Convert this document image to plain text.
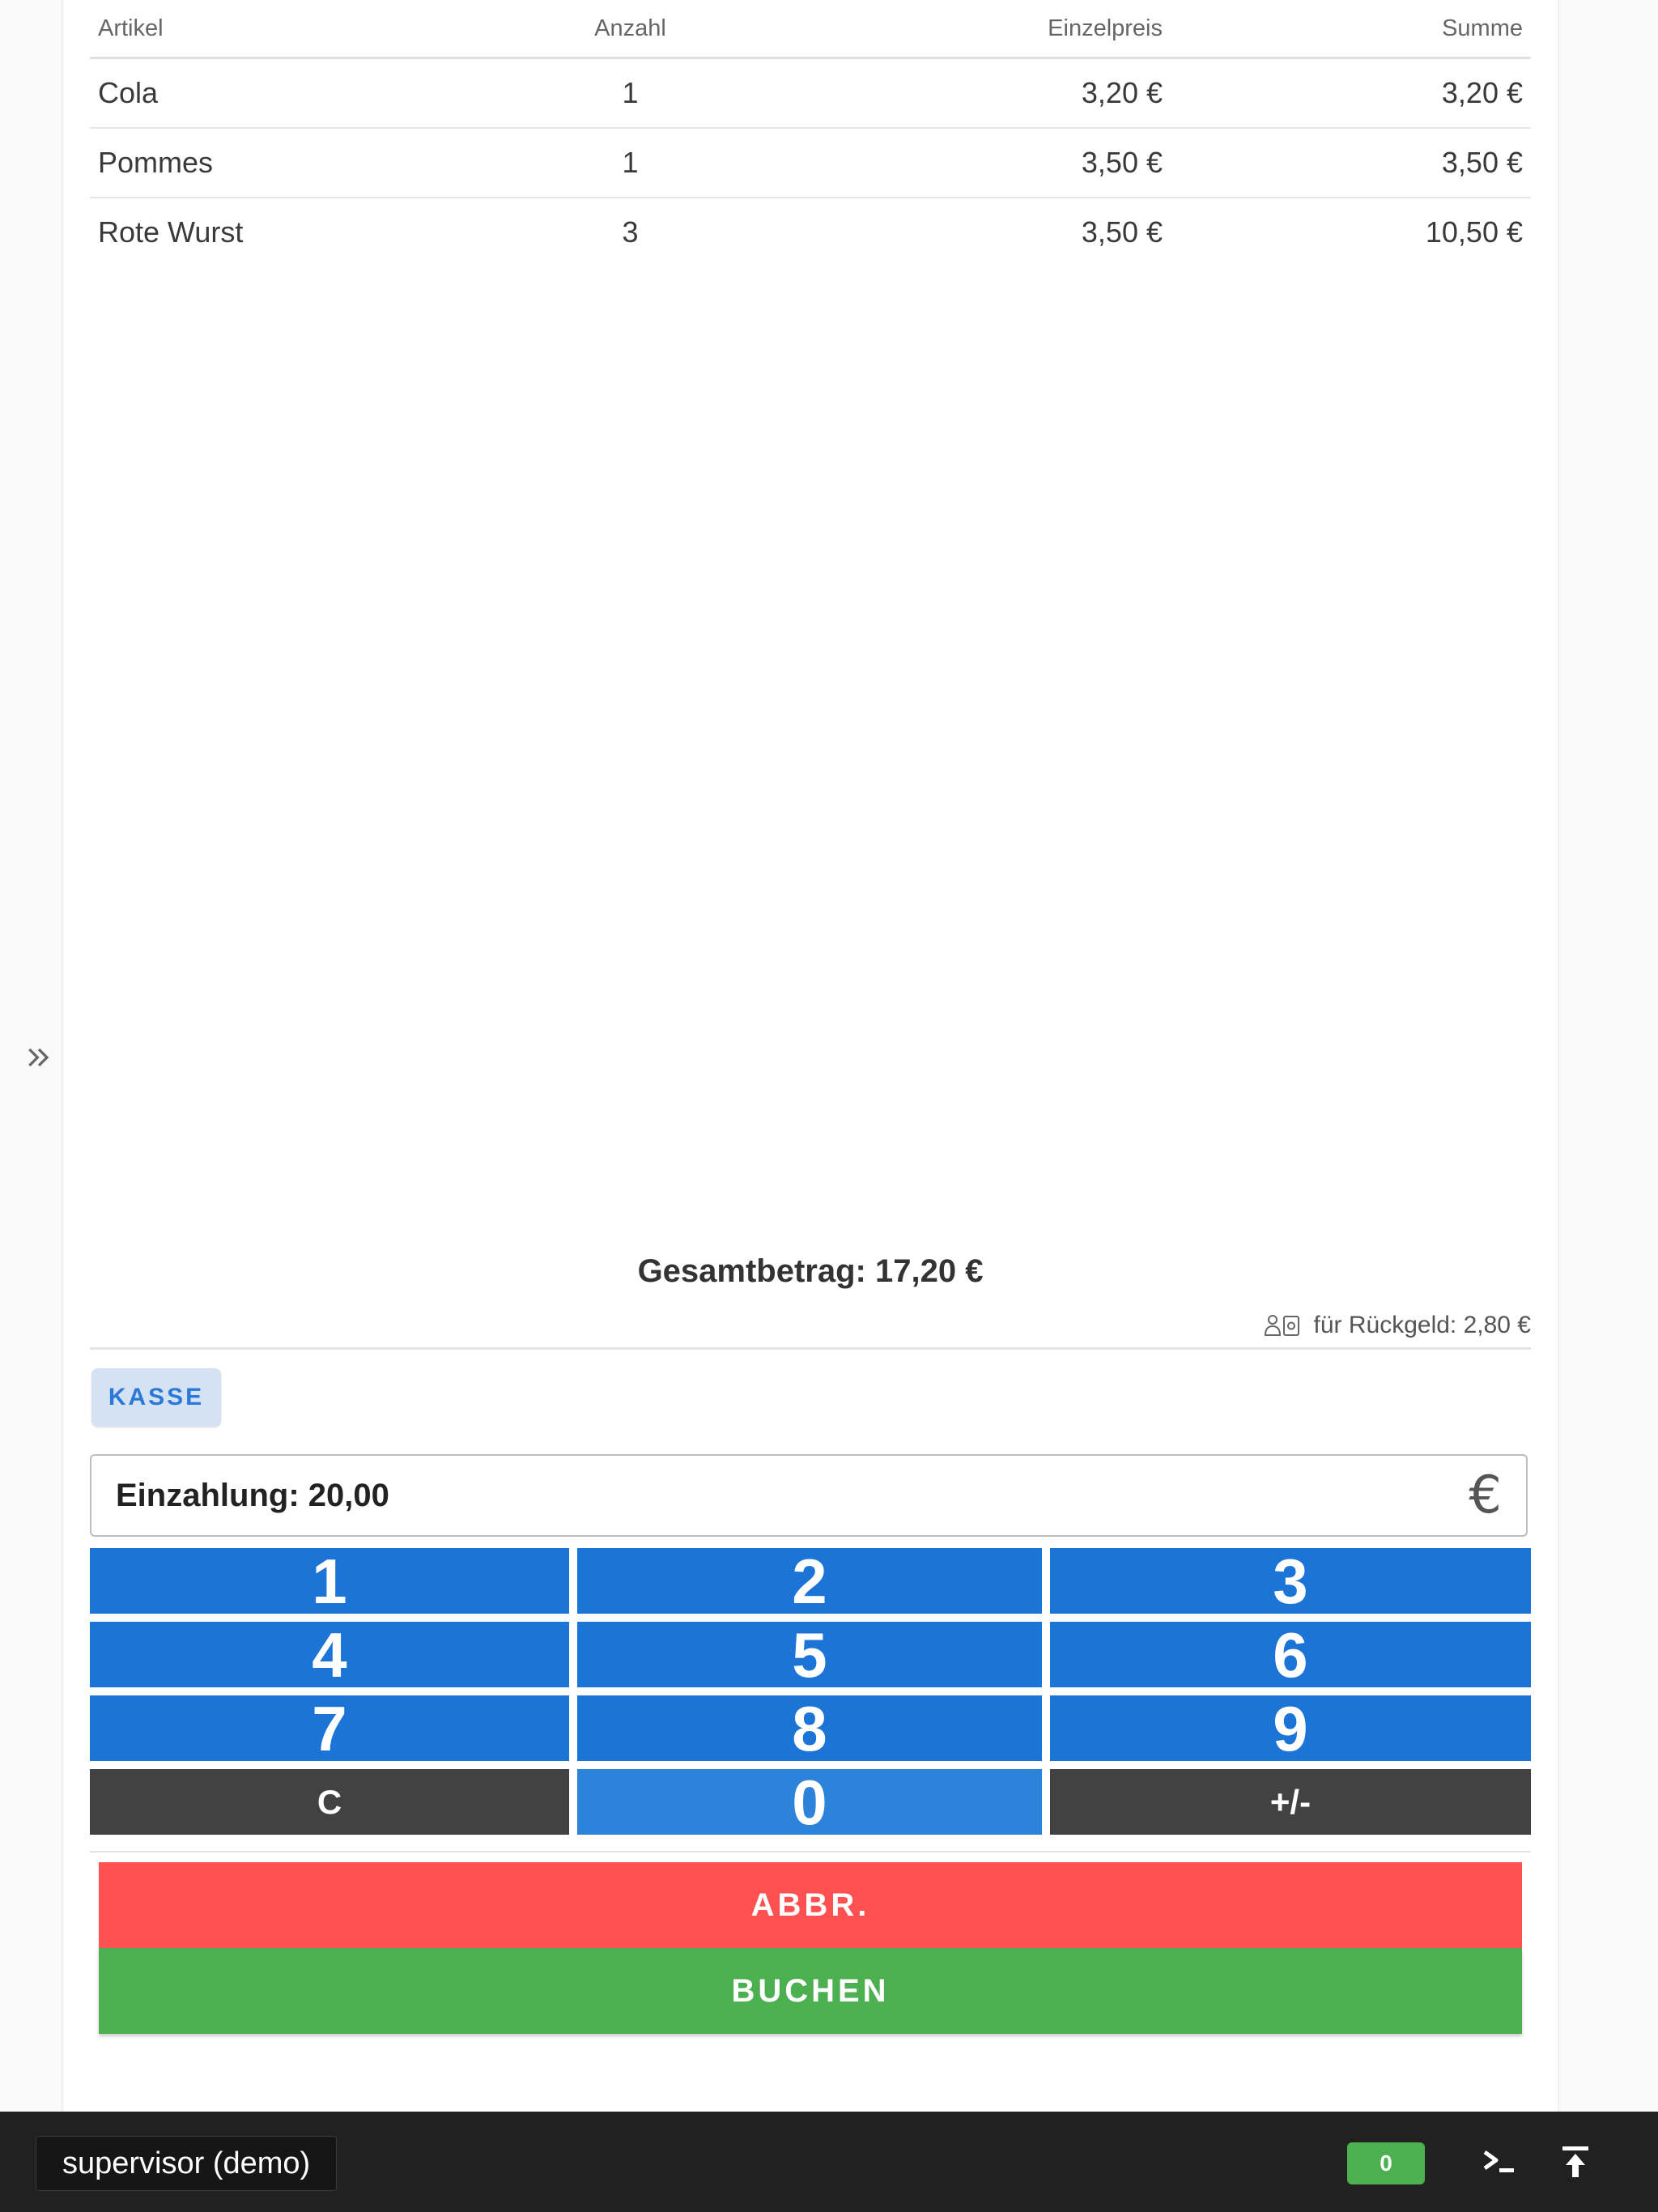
Artikel	Anzahl	Einzelpreis	Summe
Cola	1	3,20 €	3,20 €
Pommes	1	3,50 €	3,50 €
Rote Wurst	3	3,50 €	10,50 €
Gesamtbetrag: 17,20 €
für Rückgeld: 2,80 €
KASSE
Einzahlung: 20,00	€
1	2	3
4	5	6
7	8	9
C	0	+/-
ABBR.
BUCHEN
supervisor (demo)	0
